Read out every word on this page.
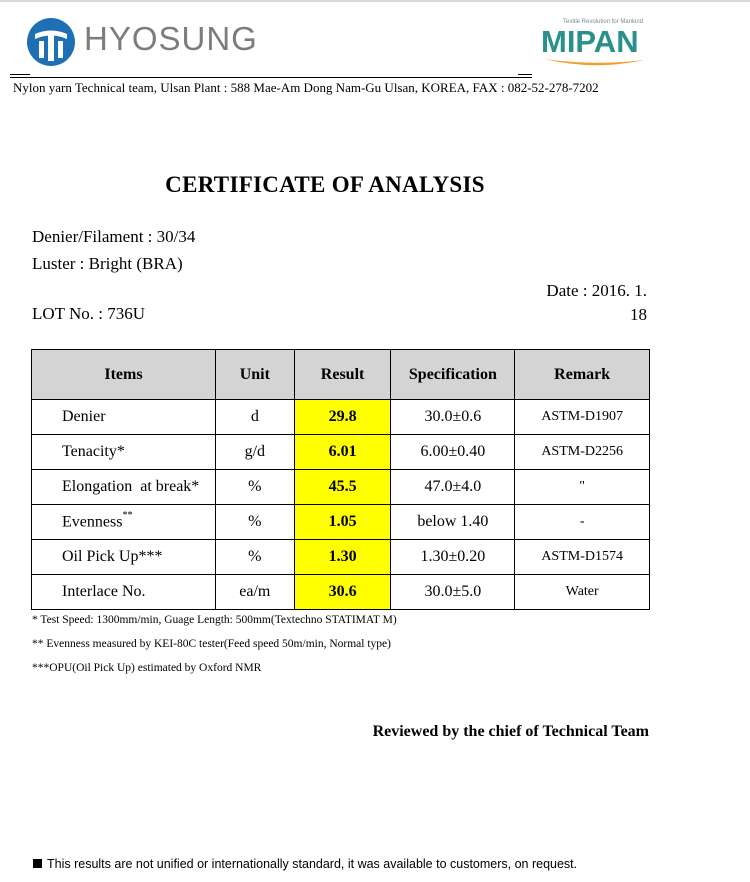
HYOSUNG	Textile Revolution for Mankind
MIPAN
Nylon yarn Technical team, Ulsan Plant : 588 Mae-Am Dong Nam-Gu Ulsan, KOREA, FAX : 082-52-278-7202
CERTIFICATE OF ANALYSIS
Denier/Filament : 30/34
Luster : Bright (BRA)
Date : 2016. 1.
18
LOT No. : 736U
Items	Unit	Result	Specification	Remark
Denier	d	29.8	30.0±0.6	ASTM-D1907
Tenacity*	g/d	6.01	6.00±0.40	ASTM-D2256
Elongation  at break*	%	45.5	47.0±4.0	"
Evenness**	%	1.05	below 1.40	-
Oil Pick Up***	%	1.30	1.30±0.20	ASTM-D1574
Interlace No.	ea/m	30.6	30.0±5.0	Water
* Test Speed: 1300mm/min, Guage Length: 500mm(Textechno STATIMAT M)
** Evenness measured by KEI-80C tester(Feed speed 50m/min, Normal type)
***OPU(Oil Pick Up) estimated by Oxford NMR
Reviewed by the chief of Technical Team
This results are not unified or internationally standard, it was available to customers, on request.
